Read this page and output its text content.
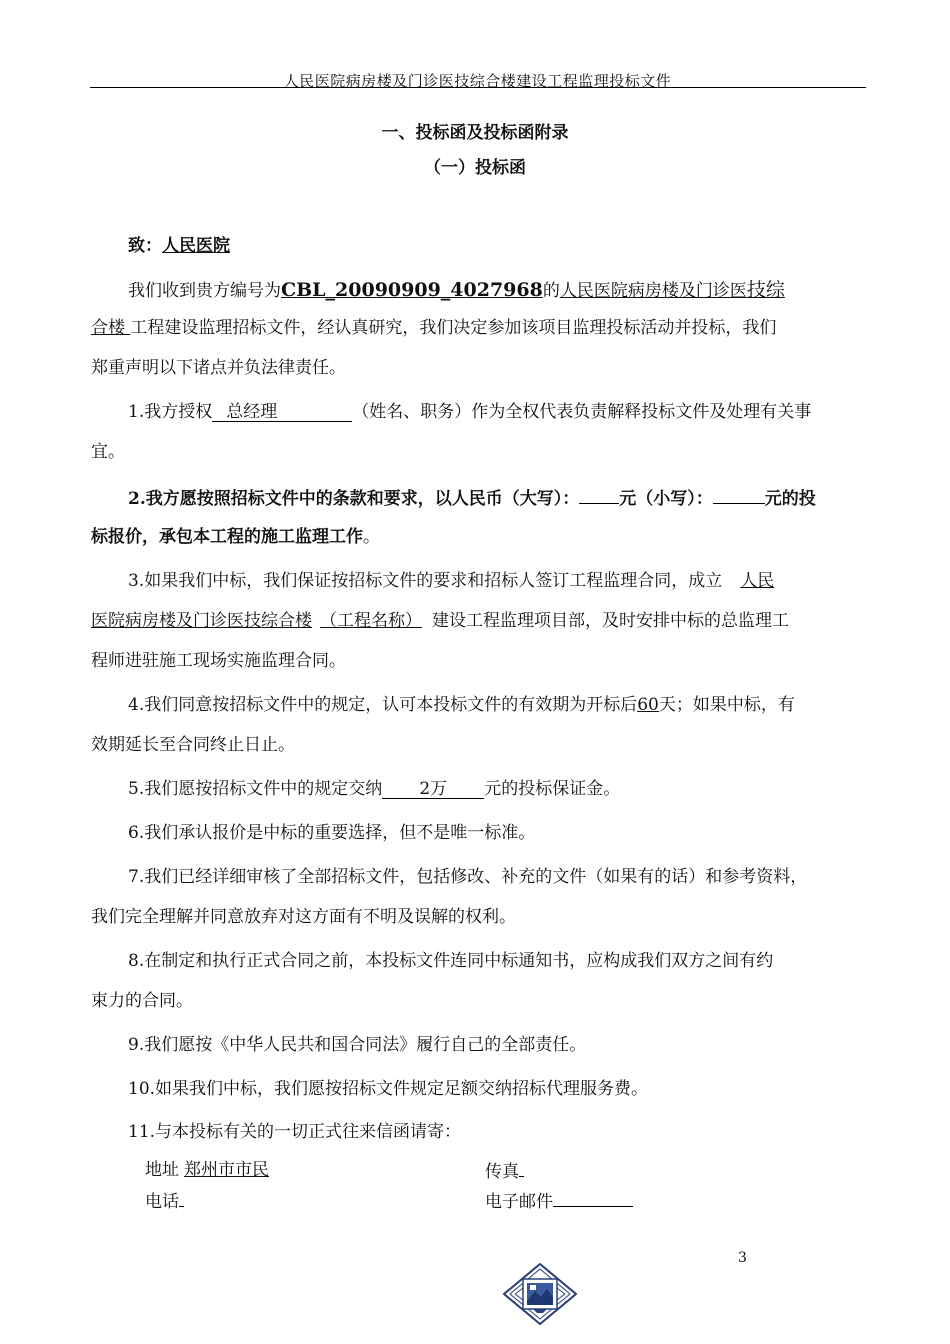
人民医院病房楼及门诊医技综合楼建设工程监理投标文件
一、投标函及投标函附录
（一）投标函
致：人民医院
我们收到贵方编号为CBL_20090909_4027968的人民医院病房楼及门诊医技综
合楼 工程建设监理招标文件，经认真研究，我们决定参加该项目监理投标活动并投标，我们
郑重声明以下诸点并负法律责任。
1.我方授权 总经理	（姓名、职务）作为全权代表负责解释投标文件及处理有关事
宜。
2.我方愿按照招标文件中的条款和要求，以人民币（大写）： 元（小写）：	元的投
标报价，承包本工程的施工监理工作。
3.如果我们中标，我们保证按招标文件的要求和招标人签订工程监理合同，成立 人民
医院病房楼及门诊医技综合楼 （工程名称） 建设工程监理项目部，及时安排中标的总监理工
程师进驻施工现场实施监理合同。
4.我们同意按招标文件中的规定，认可本投标文件的有效期为开标后60天；如果中标，有
效期延长至合同终止日止。
5.我们愿按招标文件中的规定交纳 2万 元的投标保证金。
6.我们承认报价是中标的重要选择，但不是唯一标准。
7.我们已经详细审核了全部招标文件，包括修改、补充的文件（如果有的话）和参考资料，
我们完全理解并同意放弃对这方面有不明及误解的权利。
8.在制定和执行正式合同之前，本投标文件连同中标通知书，应构成我们双方之间有约
束力的合同。
9.我们愿按《中华人民共和国合同法》履行自己的全部责任。
10.如果我们中标，我们愿按招标文件规定足额交纳招标代理服务费。
11.与本投标有关的一切正式往来信函请寄：
地址 郑州市市民	传真
电话	电子邮件
3
